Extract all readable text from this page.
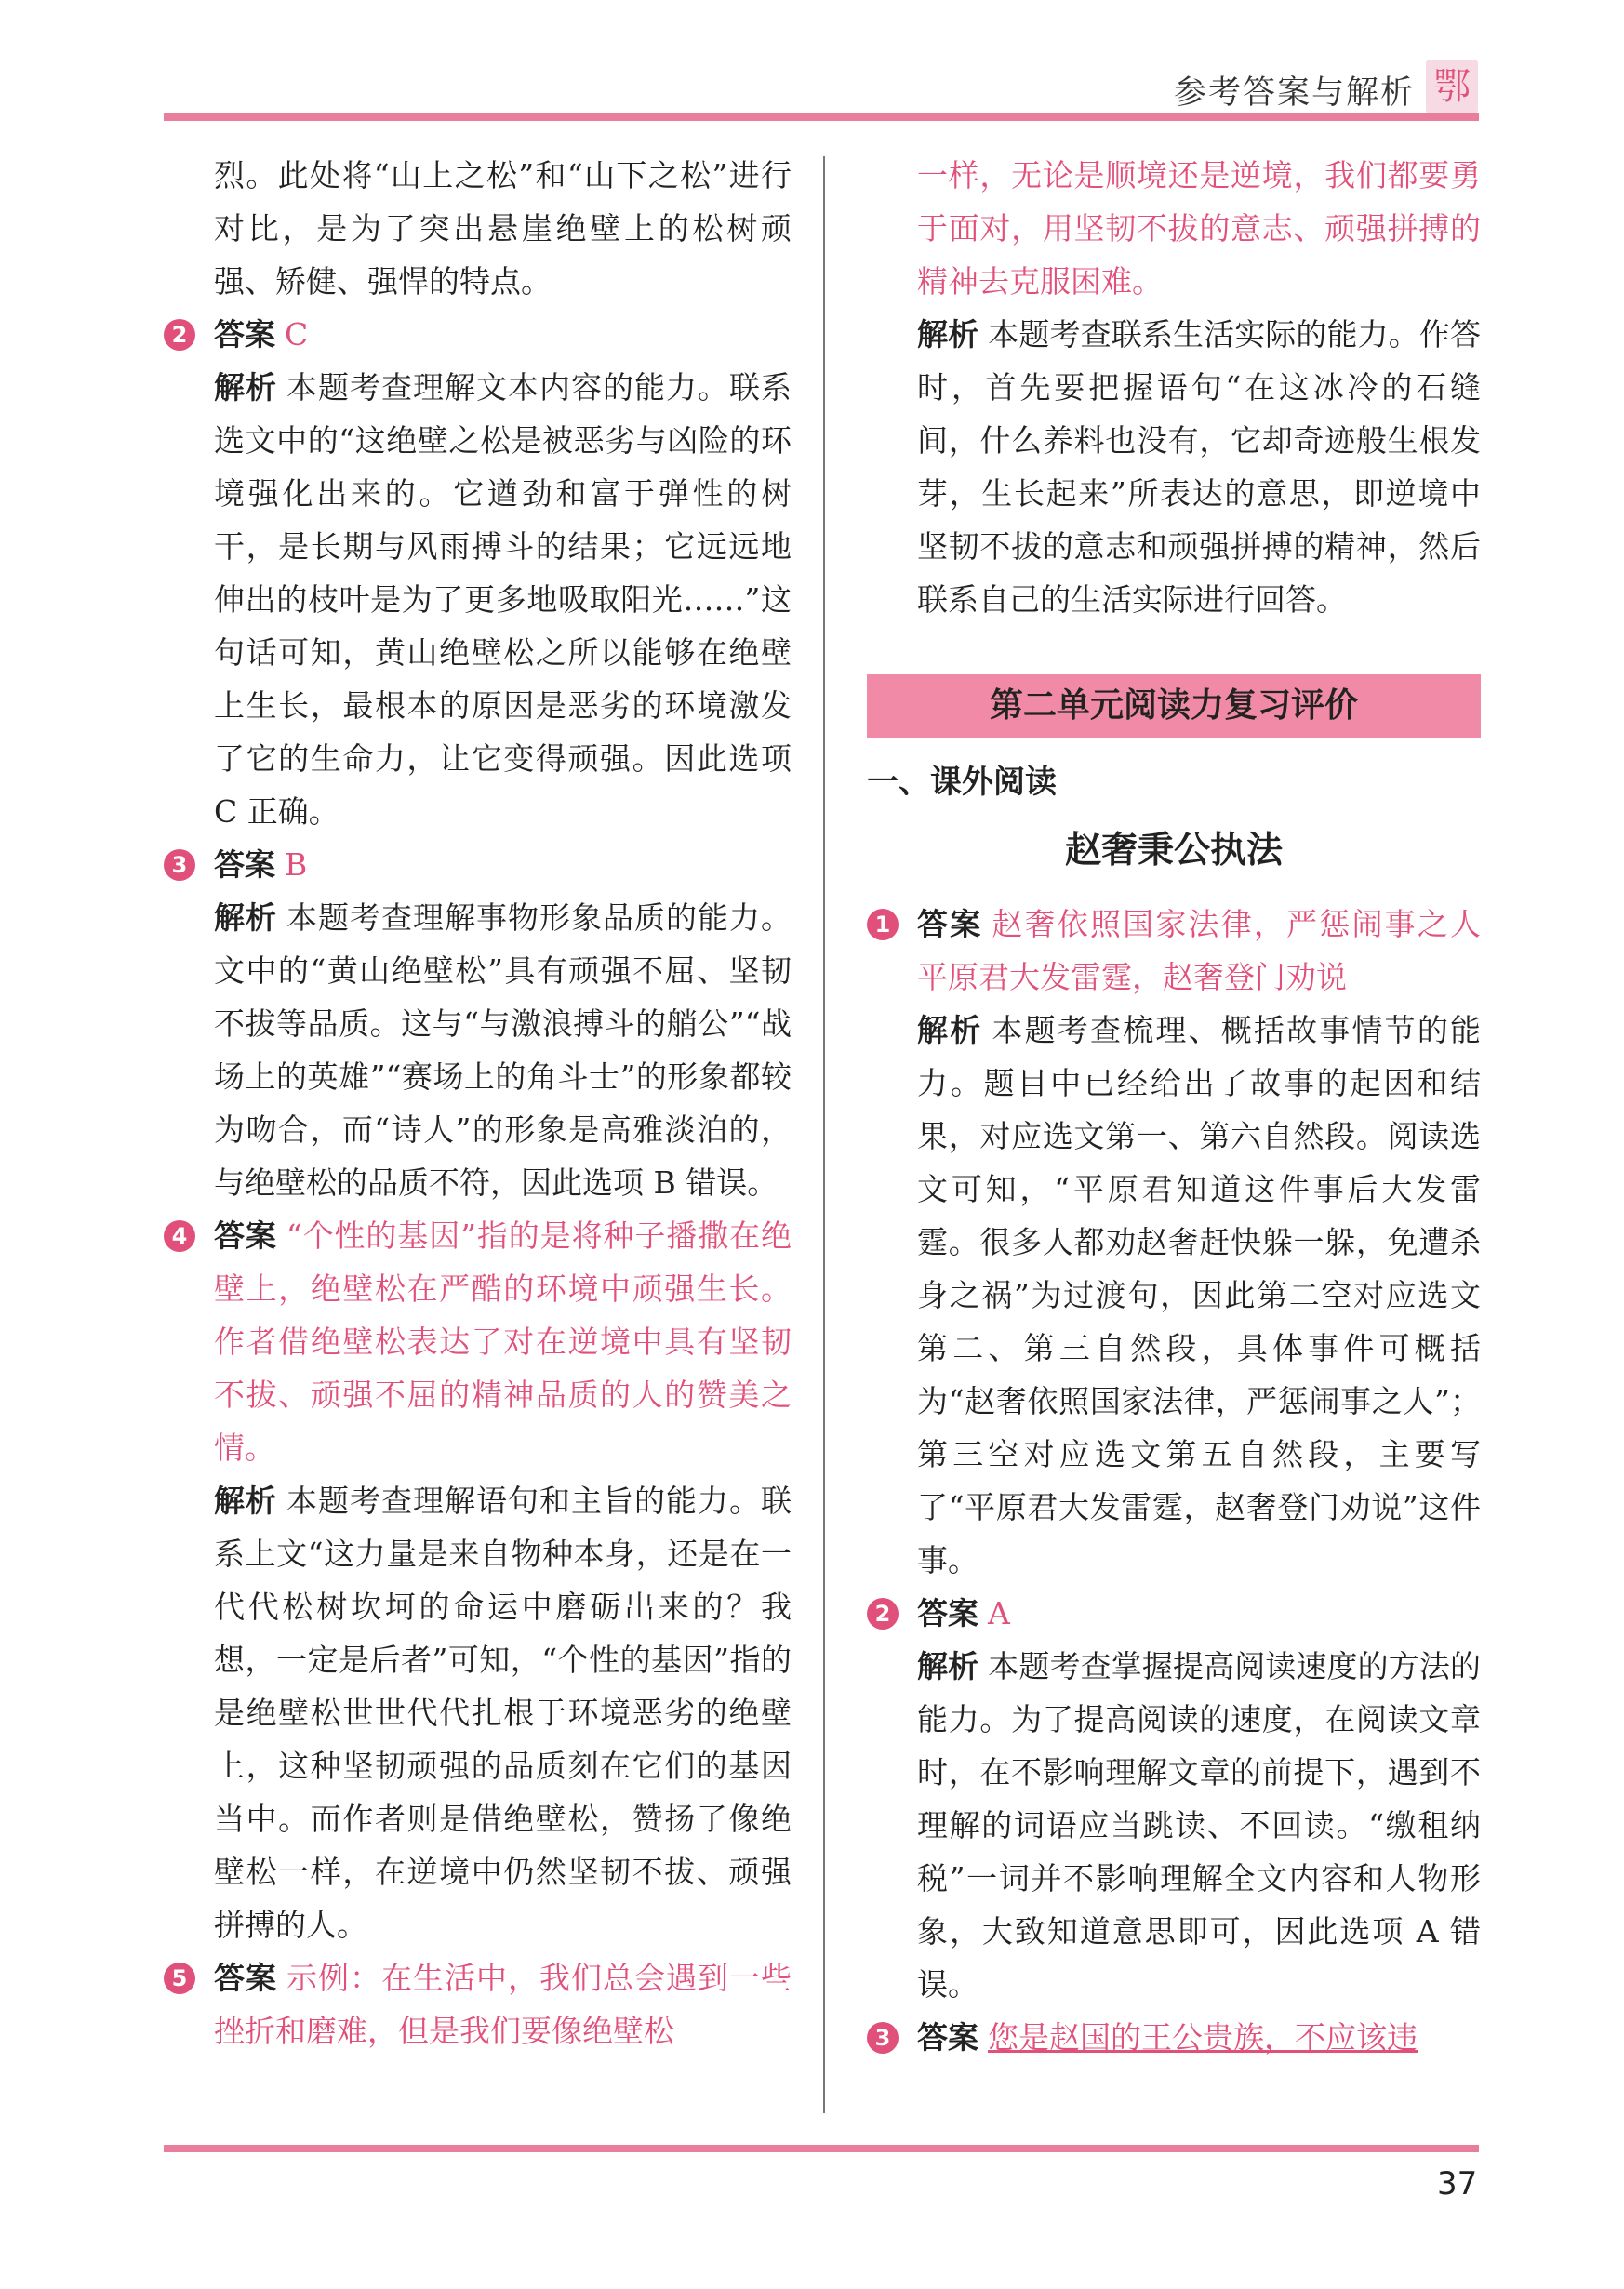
参考答案与解析 鄂

烈。此处将“山上之松”和“山下之松”进行对比，是为了突出悬崖绝壁上的松树顽强、矫健、强悍的特点。

2 答案 C

解析 本题考查理解文本内容的能力。联系选文中的“这绝壁之松是被恶劣与凶险的环境强化出来的。它遒劲和富于弹性的树干，是长期与风雨搏斗的结果；它远远地伸出的枝叶是为了更多地吸取阳光……”这句话可知，黄山绝壁松之所以能够在绝壁上生长，最根本的原因是恶劣的环境激发了它的生命力，让它变得顽强。因此选项 C 正确。

3 答案 B

解析 本题考查理解事物形象品质的能力。文中的“黄山绝壁松”具有顽强不屈、坚韧不拔等品质。这与“与激浪搏斗的艄公”“战场上的英雄”“赛场上的角斗士”的形象都较为吻合，而“诗人”的形象是高雅淡泊的，与绝壁松的品质不符，因此选项 B 错误。

4 答案 “个性的基因”指的是将种子播撒在绝壁上，绝壁松在严酷的环境中顽强生长。作者借绝壁松表达了对在逆境中具有坚韧不拔、顽强不屈的精神品质的人的赞美之情。

解析 本题考查理解语句和主旨的能力。联系上文“这力量是来自物种本身，还是在一代代松树坎坷的命运中磨砺出来的？我想，一定是后者”可知，“个性的基因”指的是绝壁松世世代代扎根于环境恶劣的绝壁上，这种坚韧顽强的品质刻在它们的基因当中。而作者则是借绝壁松，赞扬了像绝壁松一样，在逆境中仍然坚韧不拔、顽强拼搏的人。

5 答案 示例：在生活中，我们总会遇到一些挫折和磨难，但是我们要像绝壁松

一样，无论是顺境还是逆境，我们都要勇于面对，用坚韧不拔的意志、顽强拼搏的精神去克服困难。

解析 本题考查联系生活实际的能力。作答时，首先要把握语句“在这冰冷的石缝间，什么养料也没有，它却奇迹般生根发芽，生长起来”所表达的意思，即逆境中坚韧不拔的意志和顽强拼搏的精神，然后联系自己的生活实际进行回答。

第二单元阅读力复习评价
一、课外阅读
赵奢秉公执法

1 答案 赵奢依照国家法律，严惩闹事之人　平原君大发雷霆，赵奢登门劝说

解析 本题考查梳理、概括故事情节的能力。题目中已经给出了故事的起因和结果，对应选文第一、第六自然段。阅读选文可知，“平原君知道这件事后大发雷霆。很多人都劝赵奢赶快躲一躲，免遭杀身之祸”为过渡句，因此第二空对应选文第二、第三自然段，具体事件可概括为“赵奢依照国家法律，严惩闹事之人”；第三空对应选文第五自然段，主要写了“平原君大发雷霆，赵奢登门劝说”这件事。

2 答案 A

解析 本题考查掌握提高阅读速度的方法的能力。为了提高阅读的速度，在阅读文章时，在不影响理解文章的前提下，遇到不理解的词语应当跳读、不回读。“缴租纳税”一词并不影响理解全文内容和人物形象，大致知道意思即可，因此选项 A 错误。

3 答案 您是赵国的王公贵族，不应该违

37
